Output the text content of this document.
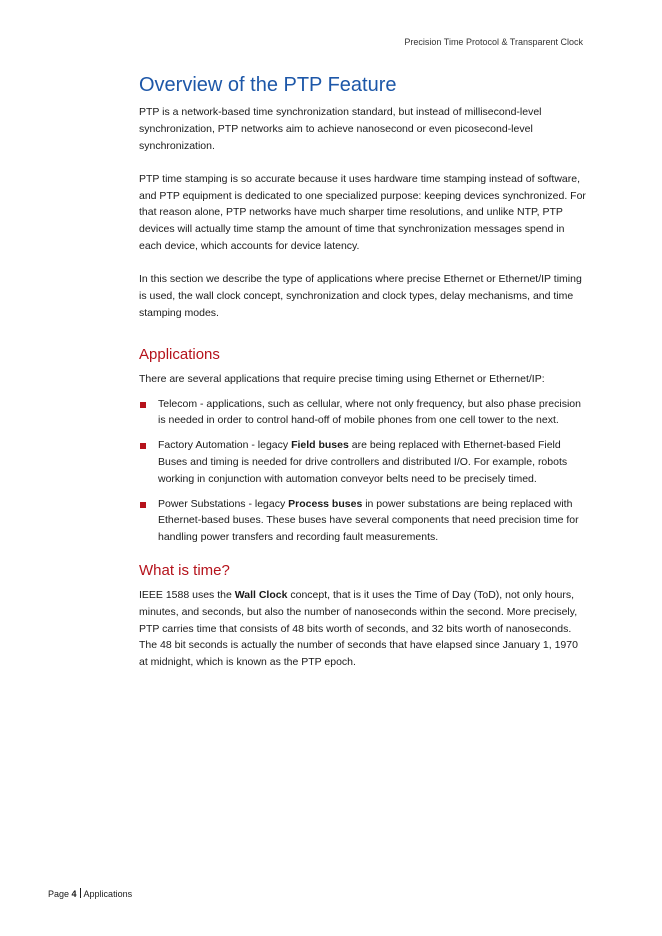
Precision Time Protocol & Transparent Clock
Overview of the PTP Feature

PTP is a network-based time synchronization standard, but instead of millisecond-level synchronization, PTP networks aim to achieve nanosecond or even picosecond-level synchronization.

PTP time stamping is so accurate because it uses hardware time stamping instead of software, and PTP equipment is dedicated to one specialized purpose: keeping devices synchronized. For that reason alone, PTP networks have much sharper time resolutions, and unlike NTP, PTP devices will actually time stamp the amount of time that synchronization messages spend in each device, which accounts for device latency.

In this section we describe the type of applications where precise Ethernet or Ethernet/IP timing is used, the wall clock concept, synchronization and clock types, delay mechanisms, and time stamping modes.

Applications

There are several applications that require precise timing using Ethernet or Ethernet/IP:

Telecom - applications, such as cellular, where not only frequency, but also phase precision is needed in order to control hand-off of mobile phones from one cell tower to the next.
Factory Automation - legacy Field buses are being replaced with Ethernet-based Field Buses and timing is needed for drive controllers and distributed I/O. For example, robots working in conjunction with automation conveyor belts need to be precisely timed.
Power Substations - legacy Process buses in power substations are being replaced with Ethernet-based buses. These buses have several components that need precision time for handling power transfers and recording fault measurements.
What is time?

IEEE 1588 uses the Wall Clock concept, that is it uses the Time of Day (ToD), not only hours, minutes, and seconds, but also the number of nanoseconds within the second. More precisely, PTP carries time that consists of 48 bits worth of seconds, and 32 bits worth of nanoseconds. The 48 bit seconds is actually the number of seconds that have elapsed since January 1, 1970 at midnight, which is known as the PTP epoch.

Page 4 Applications
